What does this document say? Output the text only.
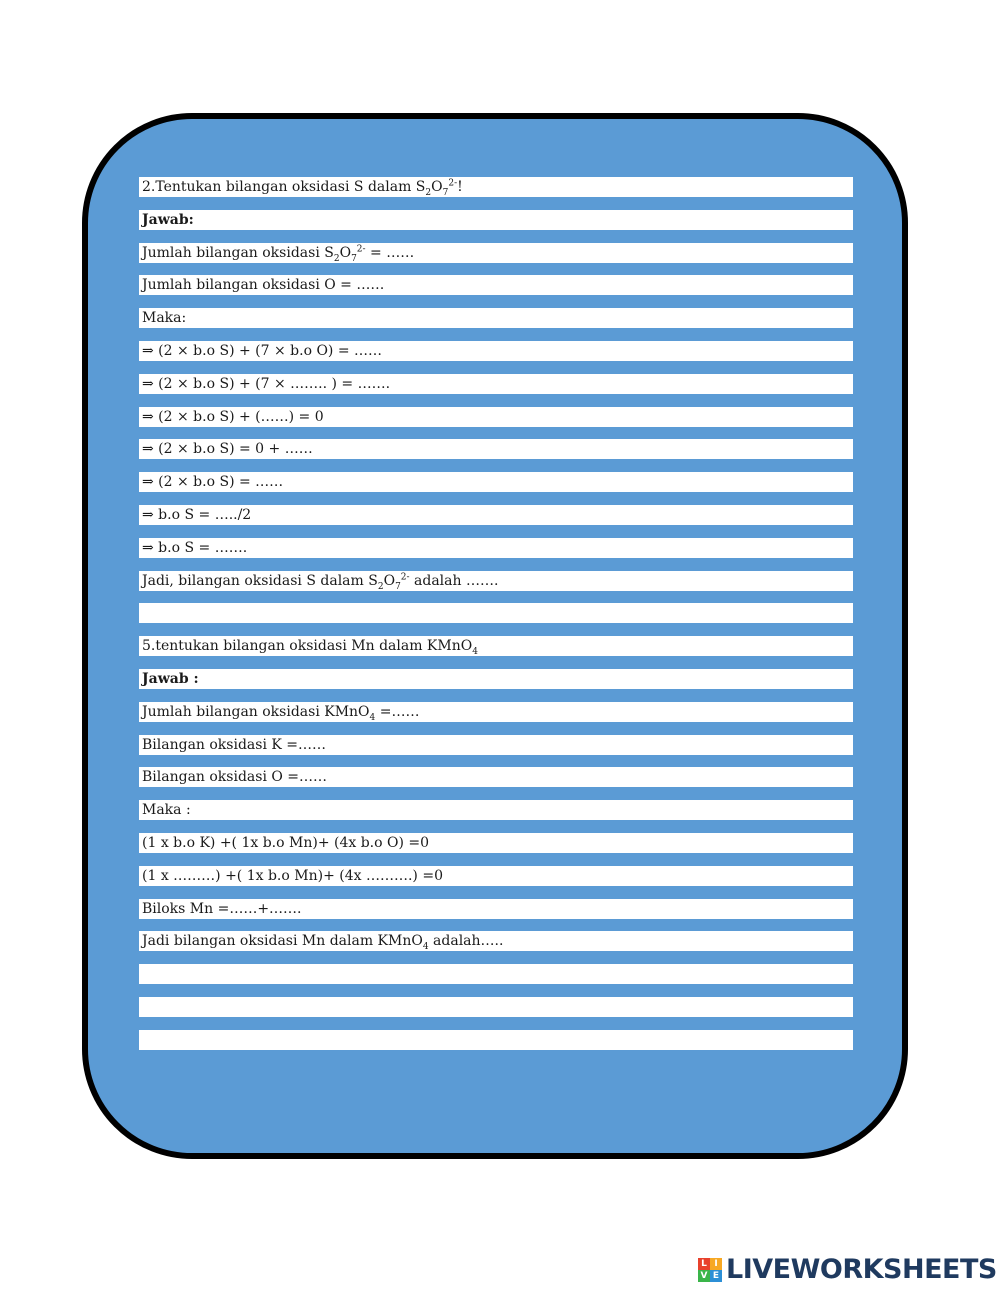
2.Tentukan bilangan oksidasi S dalam $S_2O_7^{2-}$!
Jawab:
Jumlah bilangan oksidasi $S_2O_7^{2-}$ = ……
Jumlah bilangan oksidasi O = ……
Maka:
⇒ (2 × b.o S) + (7 × b.o O) = ……
⇒ (2 × b.o S) + (7 × …….. ) = …….
⇒ (2 × b.o S) + (……) = 0
⇒ (2 × b.o S) = 0 + ……
⇒ (2 × b.o S) = ……
⇒ b.o S = …../2
⇒ b.o S = …….
Jadi, bilangan oksidasi S dalam $S_2O_7^{2-}$ adalah …….
5.tentukan bilangan oksidasi Mn dalam KMnO$_4$
Jawab :
Jumlah bilangan oksidasi KMnO$_4$ =……
Bilangan oksidasi K =……
Bilangan oksidasi O =……
Maka :
(1 x b.o K) +( 1x b.o Mn)+ (4x b.o O) =0
(1 x ………) +( 1x b.o Mn)+ (4x ……….) =0
Biloks Mn =……+…….
Jadi bilangan oksidasi Mn dalam KMnO$_4$ adalah…..
L I
V E LIVEWORKSHEETS
